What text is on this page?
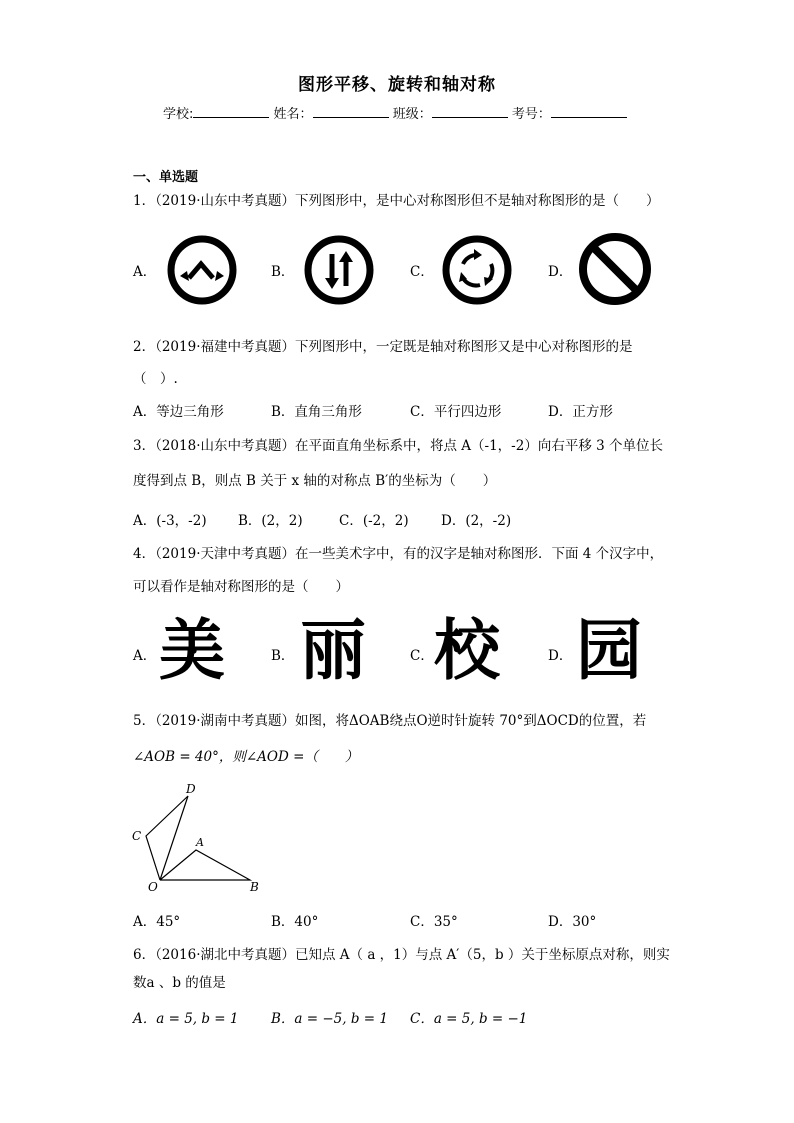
图形平移、旋转和轴对称
学校:	姓名：	班级：	考号：
一、单选题
1．（2019·山东中考真题）下列图形中，是中心对称图形但不是轴对称图形的是（　　）
A．	B．	C．	D．
2．（2019·福建中考真题）下列图形中，一定既是轴对称图形又是中心对称图形的是
（　）.
A．等边三角形	B．直角三角形	C．平行四边形	D．正方形
3．（2018·山东中考真题）在平面直角坐标系中，将点 A（-1，-2）向右平移 3 个单位长
度得到点 B，则点 B 关于 x 轴的对称点 B′的坐标为（　　）
A．(-3，-2) B．(2，2)	C．(-2，2) D．(2，-2)
4．（2019·天津中考真题）在一些美术字中，有的汉字是轴对称图形．下面 4 个汉字中，
可以看作是轴对称图形的是（　　）
A． 美	B． 丽	C． 校	D． 园
5．（2019·湖南中考真题）如图，将ΔOAB绕点O逆时针旋转 70°到ΔOCD的位置，若
∠AOB = 40°，则∠AOD =（　　）
D
C	A
O	B
A．45°	B．40°	C．35°	D．30°
6．（2016·湖北中考真题）已知点 A（ a ，1）与点 A′（5，b ）关于坐标原点对称，则实
数a 、b 的值是
A．a = 5, b = 1 B．a = −5, b = 1 C．a = 5, b = −1
